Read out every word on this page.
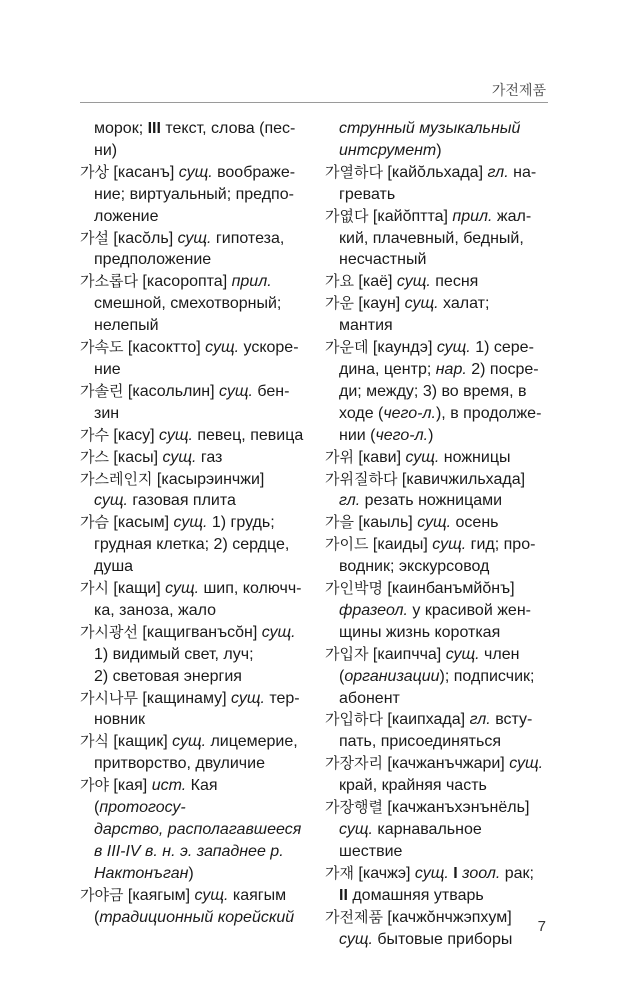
가전제품
морок; III текст, слова (пес-
ни)
가상 [касанъ] сущ. воображе-
ние; виртуальный; предпо-
ложение
가설 [касŏль] сущ. гипотеза,
предположение
가소롭다 [касоропта] прил.
смешной, смехотворный;
нелепый
가속도 [касоктто] сущ. ускоре-
ние
가솔린 [касольлин] сущ. бен-
зин
가수 [касу] сущ. певец, певица
가스 [касы] сущ. газ
가스레인지 [касырэинчжи]
сущ. газовая плита
가슴 [касым] сущ. 1) грудь;
грудная клетка; 2) сердце,
душа
가시 [кащи] сущ. шип, колючч-
ка, заноза, жало
가시광선 [кащигванъсŏн] сущ.
1) видимый свет, луч;
2) световая энергия
가시나무 [кащинаму] сущ. тер-
новник
가식 [кащик] сущ. лицемерие,
притворство, двуличие
가야 [кая] ист. Кая (протогосу-
дарство, располагавшееся
в III-IV в. н. э. западнее р.
Нактонъган)
가야금 [каягым] сущ. каягым
(традиционный корейский
струнный музыкальный
интсрумент)
가열하다 [кайŏльхада] гл. на-
гревать
가엾다 [кайŏптта] прил. жал-
кий, плачевный, бедный,
несчастный
가요 [каё] сущ. песня
가운 [каун] сущ. халат; мантия
가운데 [каундэ] сущ. 1) сере-
дина, центр; нар. 2) посре-
ди; между; 3) во время, в
ходе (чего-л.), в продолже-
нии (чего-л.)
가위 [кави] сущ. ножницы
가위질하다 [кавичжильхада]
гл. резать ножницами
가을 [каыль] сущ. осень
가이드 [каиды] сущ. гид; про-
водник; экскурсовод
가인박명 [каинбанъмйŏнъ]
фразеол. у красивой жен-
щины жизнь короткая
가입자 [каипчча] сущ. член
(организации); подписчик;
абонент
가입하다 [каипхада] гл. всту-
пать, присоединяться
가장자리 [качжанъчжари] сущ.
край, крайняя часть
가장행렬 [качжанъхэнънёль]
сущ. карнавальное шествие
가재 [качжэ] сущ. I зоол. рак;
II домашняя утварь
가전제품 [качжŏнчжэпхум]
сущ. бытовые приборы
7
